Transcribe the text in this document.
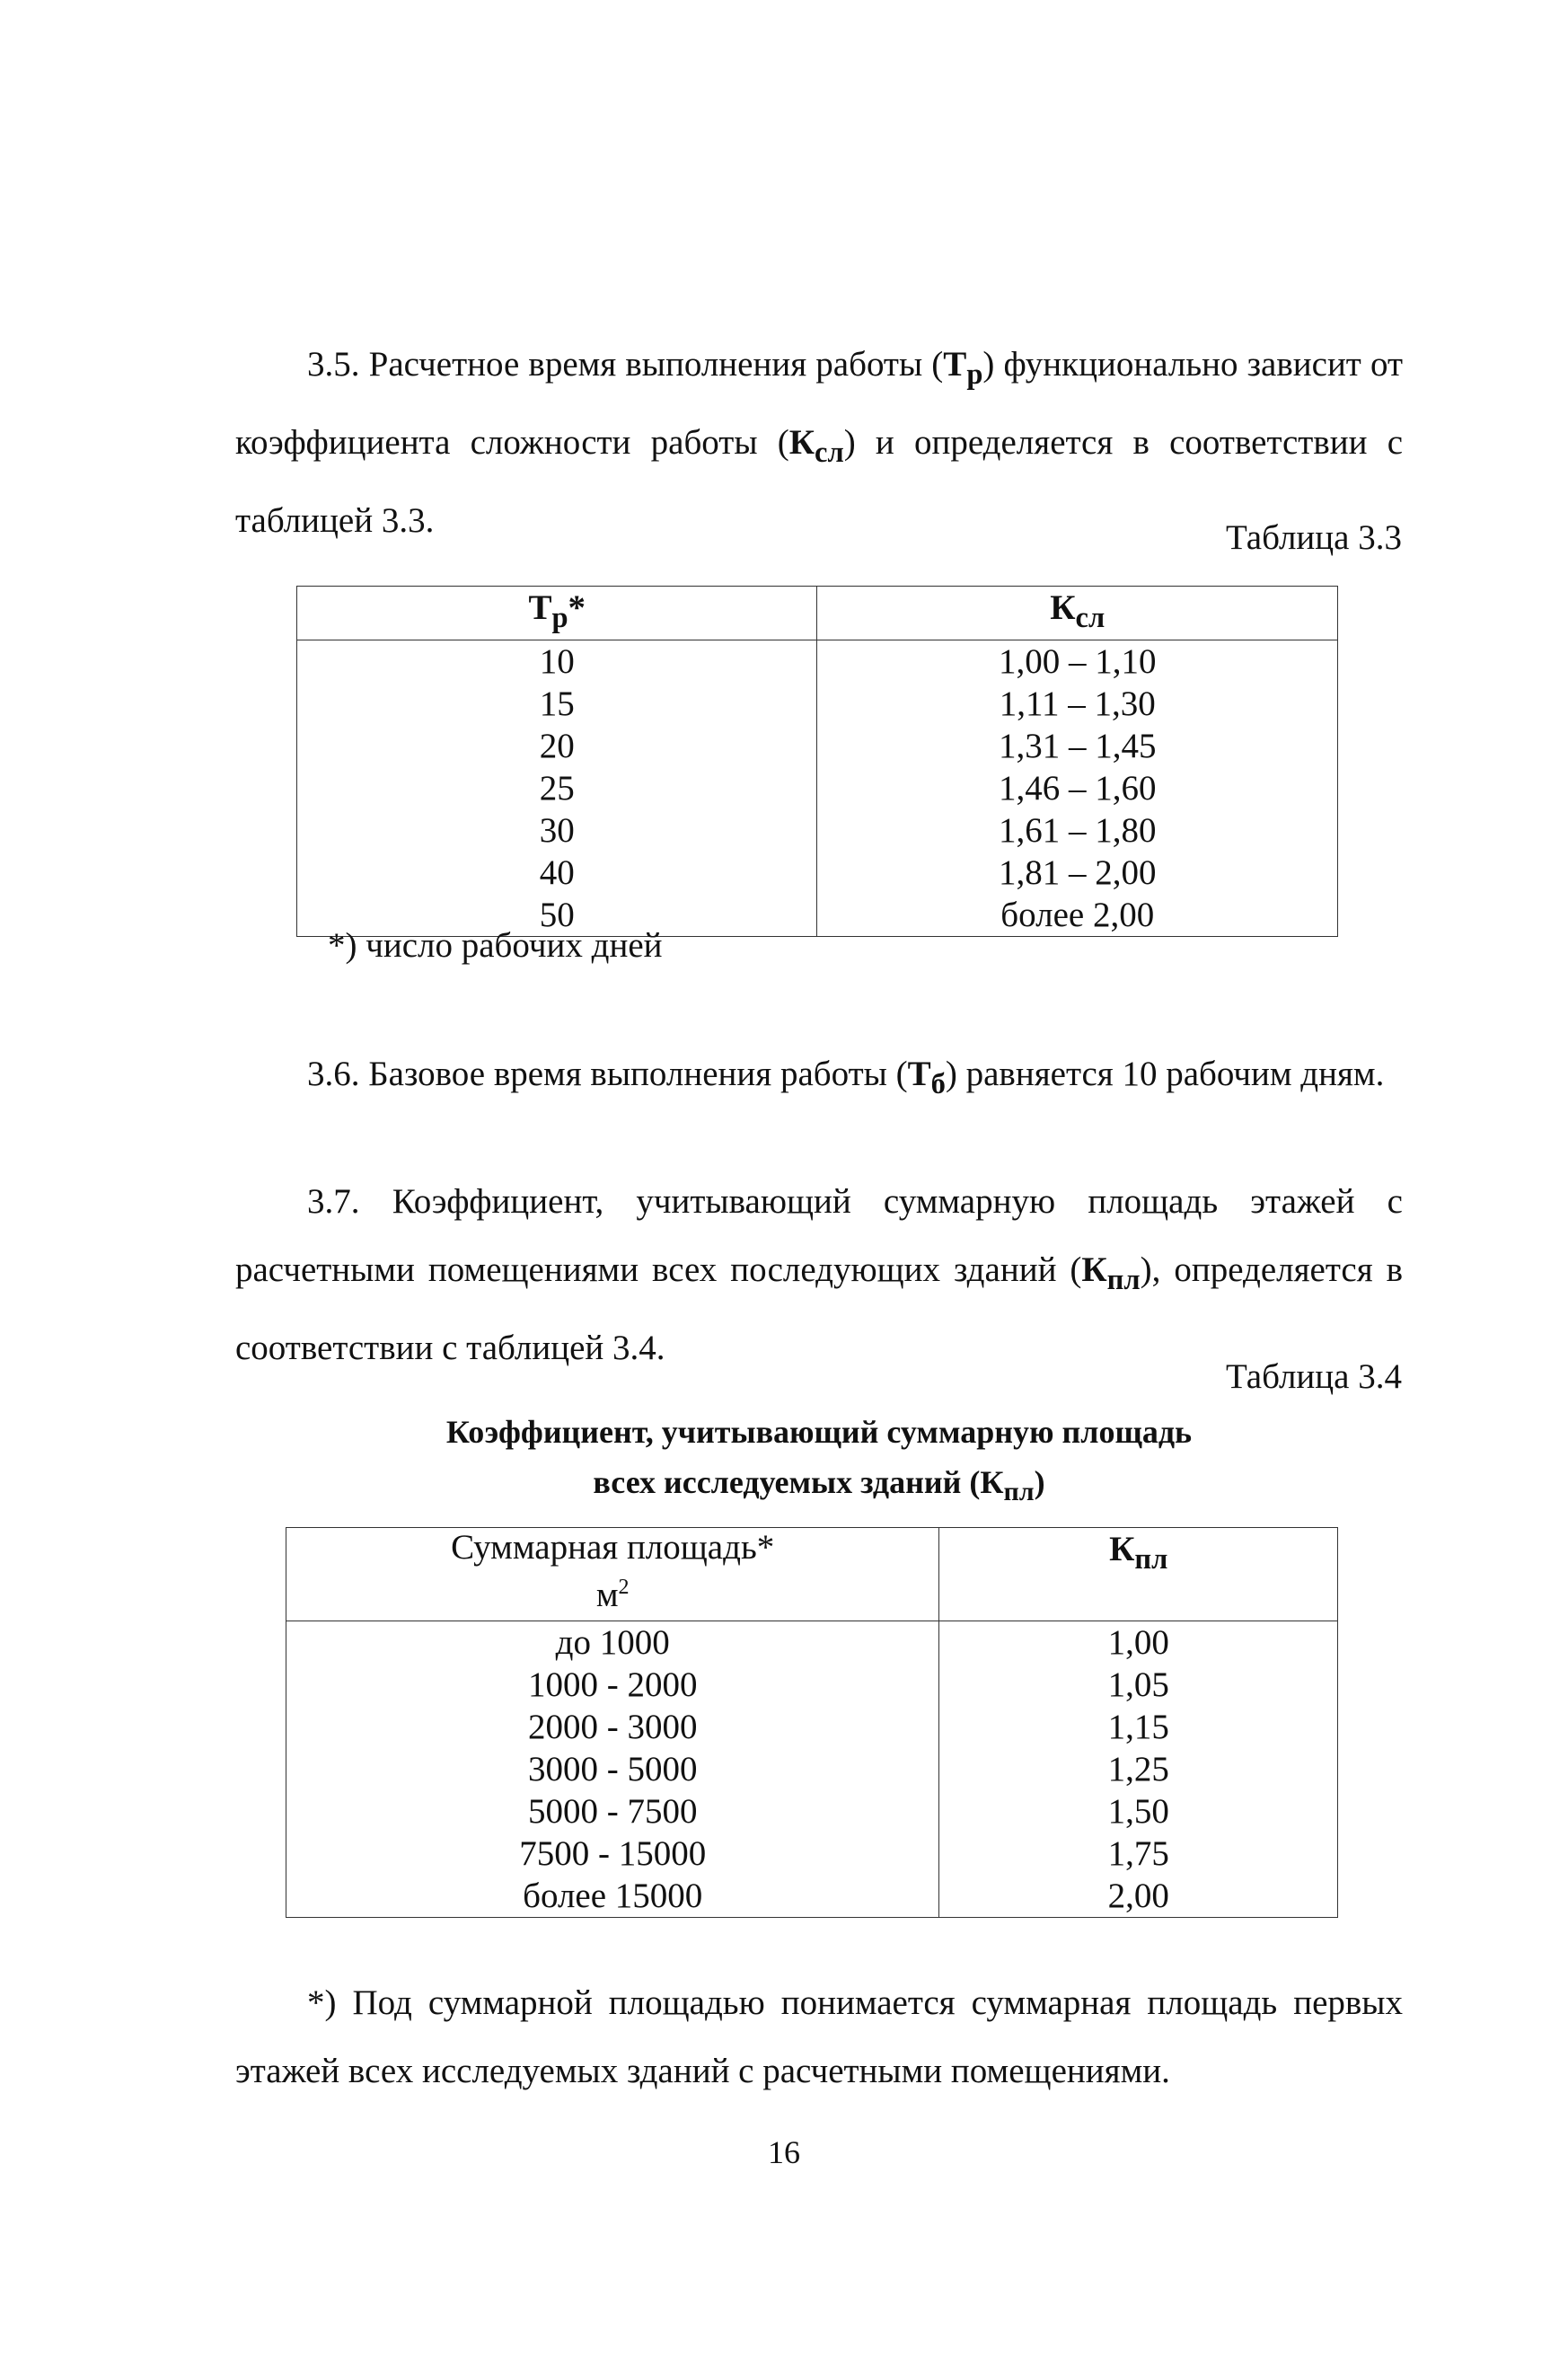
3.5. Расчетное время выполнения работы $(Т_р)$ функционально зависит от коэффициента сложности работы $(К_{сл})$ и определяется в соответствии с таблицей 3.3.	Таблица 3.3

$Т_р*$	$К_{сл}$
10	1,00 – 1,10
15	1,11 – 1,30
20	1,31 – 1,45
25	1,46 – 1,60
30	1,61 – 1,80
40	1,81 – 2,00
50	более 2,00

*) число рабочих дней

3.6. Базовое время выполнения работы $(Т_б)$ равняется 10 рабочим дням.

3.7. Коэффициент, учитывающий суммарную площадь этажей с расчетными помещениями всех последующих зданий $(К_{пл})$, определяется в соответствии с таблицей 3.4.

Таблица 3.4

Коэффициент, учитывающий суммарную площадь
всех исследуемых зданий $(К_{пл})$
Суммарная площадь*
$м^2$	$К_{пл}$
до 1000	1,00
1000 - 2000	1,05
2000 - 3000	1,15
3000 - 5000	1,25
5000 - 7500	1,50
7500 - 15000	1,75
более 15000	2,00

*) Под суммарной площадью понимается суммарная площадь первых этажей всех исследуемых зданий с расчетными помещениями.

16
